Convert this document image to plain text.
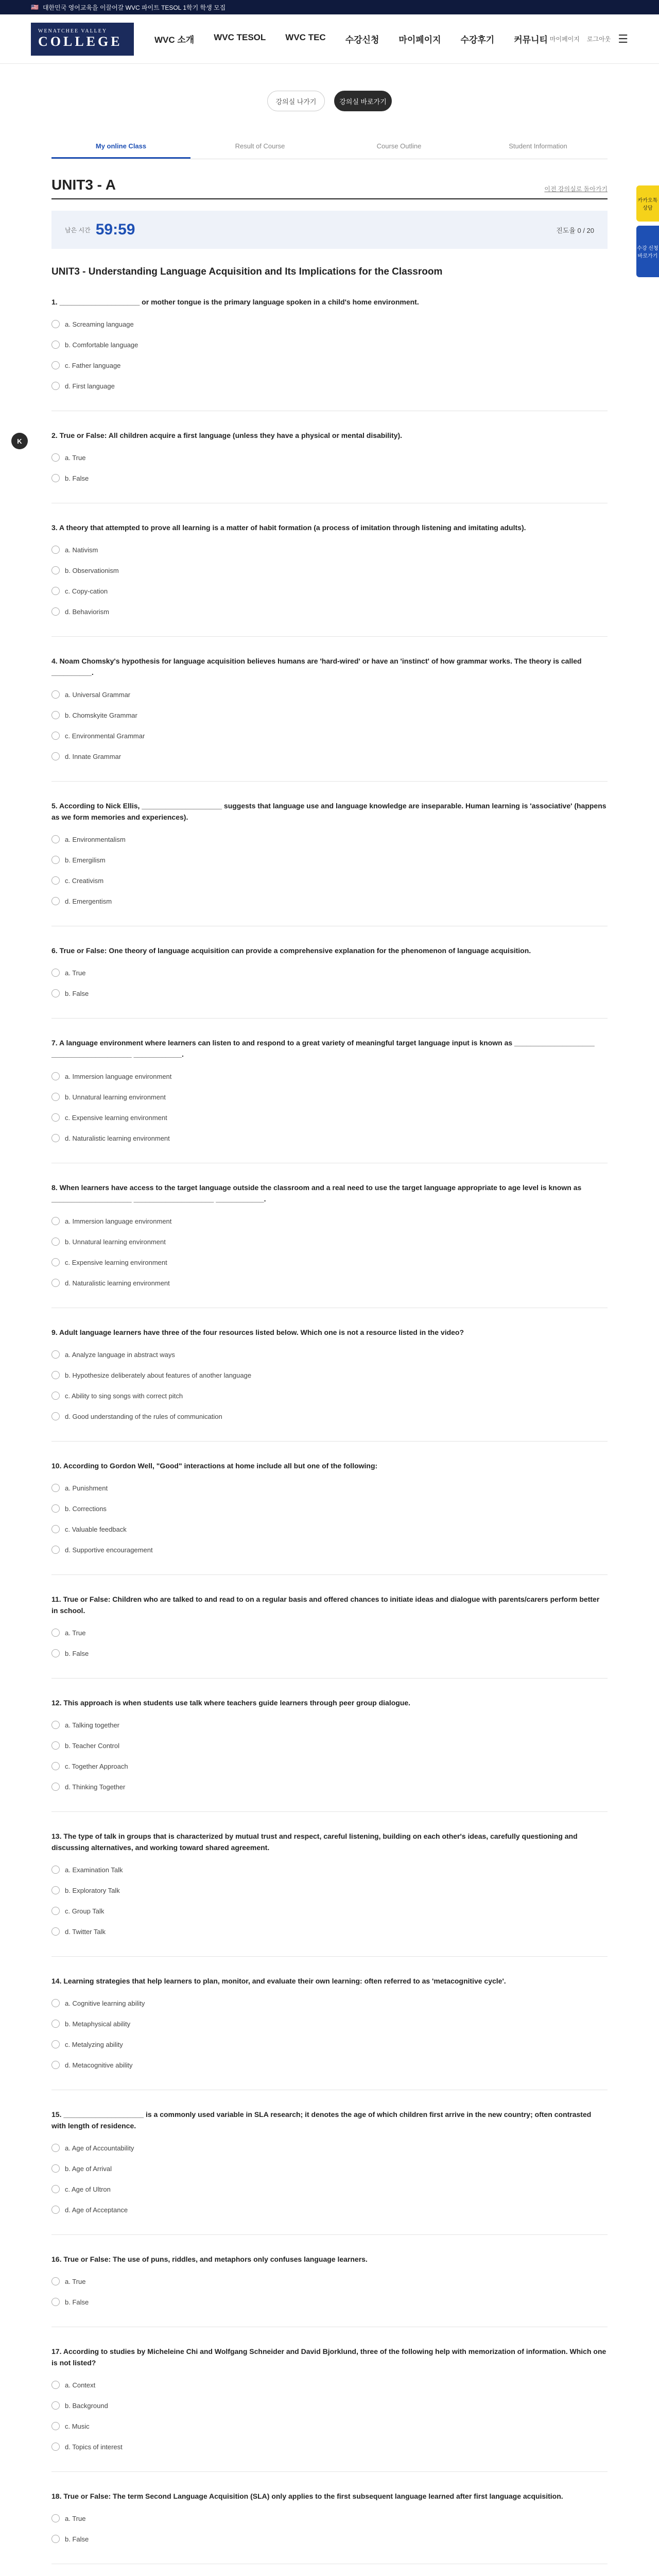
🇺🇸 대한민국 영어교육을 이끌어갈 WVC 파이트 TESOL 1학기 학생 모집
WENATCHEE VALLEY
COLLEGE	WVC 소개 WVC TESOL WVC TEC 수강신청 마이페이지 수강후기 커뮤니티 마이페이지 로그아웃 ☰
강의실 나가기	강의실 바로가기
My online Class	Result of Course	Course Outline	Student Information
UNIT3 - A	이전 강의실로 돌아가기
남은 시간 59:59	진도율 0 / 20
UNIT3 - Understanding Language Acquisition and Its Implications for the Classroom
1. ____________________ or mother tongue is the primary language spoken in a child's home environment.
a. Screaming language
b. Comfortable language
c. Father language
d. First language
2. True or False: All children acquire a first language (unless they have a physical or mental disability).
a. True
b. False
3. A theory that attempted to prove all learning is a matter of habit formation (a process of imitation through listening and imitating adults).
a. Nativism
b. Observationism
c. Copy-cation
d. Behaviorism
4. Noam Chomsky's hypothesis for language acquisition believes humans are 'hard-wired' or have an 'instinct' of how grammar works. The theory is called __________.
a. Universal Grammar
b. Chomskyite Grammar
c. Environmental Grammar
d. Innate Grammar
5. According to Nick Ellis, ____________________ suggests that language use and language knowledge are inseparable. Human learning is 'associative' (happens as we form memories and experiences).
a. Environmentalism
b. Emergilism
c. Creativism
d. Emergentism
6. True or False: One theory of language acquisition can provide a comprehensive explanation for the phenomenon of language acquisition.
a. True
b. False
7. A language environment where learners can listen to and respond to a great variety of meaningful target language input is known as ____________________ ____________________ ____________.
a. Immersion language environment
b. Unnatural learning environment
c. Expensive learning environment
d. Naturalistic learning environment
8. When learners have access to the target language outside the classroom and a real need to use the target language appropriate to age level is known as ____________________ ____________________ ____________.
a. Immersion language environment
b. Unnatural learning environment
c. Expensive learning environment
d. Naturalistic learning environment
9. Adult language learners have three of the four resources listed below. Which one is not a resource listed in the video?
a. Analyze language in abstract ways
b. Hypothesize deliberately about features of another language
c. Ability to sing songs with correct pitch
d. Good understanding of the rules of communication
10. According to Gordon Well, "Good" interactions at home include all but one of the following:
a. Punishment
b. Corrections
c. Valuable feedback
d. Supportive encouragement
11. True or False: Children who are talked to and read to on a regular basis and offered chances to initiate ideas and dialogue with parents/carers perform better in school.
a. True
b. False
12. This approach is when students use talk where teachers guide learners through peer group dialogue.
a. Talking together
b. Teacher Control
c. Together Approach
d. Thinking Together
13. The type of talk in groups that is characterized by mutual trust and respect, careful listening, building on each other's ideas, carefully questioning and discussing alternatives, and working toward shared agreement.
a. Examination Talk
b. Exploratory Talk
c. Group Talk
d. Twitter Talk
14. Learning strategies that help learners to plan, monitor, and evaluate their own learning: often referred to as 'metacognitive cycle'.
a. Cognitive learning ability
b. Metaphysical ability
c. Metalyzing ability
d. Metacognitive ability
15. ____________________ is a commonly used variable in SLA research; it denotes the age of which children first arrive in the new country; often contrasted with length of residence.
a. Age of Accountability
b. Age of Arrival
c. Age of Ultron
d. Age of Acceptance
16. True or False: The use of puns, riddles, and metaphors only confuses language learners.
a. True
b. False
17. According to studies by Micheleine Chi and Wolfgang Schneider and David Bjorklund, three of the following help with memorization of information. Which one is not listed?
a. Context
b. Background
c. Music
d. Topics of interest
18. True or False: The term Second Language Acquisition (SLA) only applies to the first subsequent language learned after first language acquisition.
a. True
b. False
카카오톡 상담
수강 신청 바로가기
K
